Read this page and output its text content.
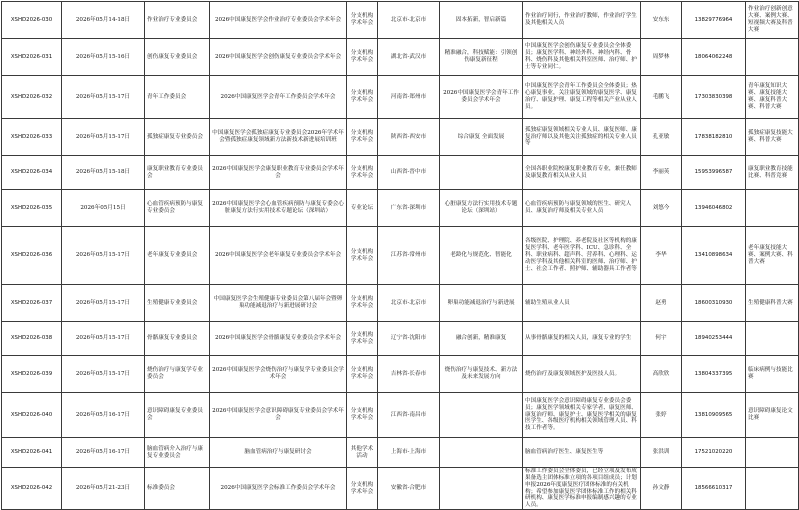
XSHD2026-030	2026年05月14-18日	作业治疗专业委员会	2026中国康复医学会作业治疗专业委员会学术年会	分支机构学术年会	北京市-北京市	固本拓新，智启新篇	作业治疗同行，作业治疗教师，作业治疗学生及其他相关人员	安东东	13829776964	作业治疗创新创意大赛、案例大赛、短视频大赛及科普大赛
XSHD2026-031	2026年05月15-16日	创伤康复专业委员会	2026中国康复医学会创伤康复专业委员会学术年会	分支机构学术年会	湖北省-武汉市	精准融合，科技赋能：引领创伤康复新征程	中国康复医学会创伤康复专业委员会全体委员；康复医学科、神经外科、神经内科、骨科、烧伤科及其他相关科室医师、治疗师、护士等专业同仁。	周梦林	18064062248	
XSHD2026-032	2026年05月15-17日	青年工作委员会	2026中国康复医学会青年工作委员会学术年会	分支机构学术年会	河南省-郑州市	2026中国康复医学会青年工作委员会学术年会	中国康复医学会青年工作委员会全体委员；热心康复事业，关注康复领域的康复医学、康复治疗、康复护理、康复工程等相关产业从业人员。	毛鹏飞	17303830398	青年康复知识大赛、康复技能大赛、康复科普大赛、科普大赛
XSHD2026-033	2026年05月15-17日	孤独症康复专业委员会	中国康复医学会孤独症康复专业委员会2026年学术年会暨孤独症康复领域新方法新技术新进展培训班	分支机构学术年会	陕西省-西安市	综合康复 全面发展	孤独症康复领域相关专业人员、康复医师、康复治疗师以及其他关注孤独症的相关专业人员等	孔亚敏	17838182810	孤独症康复技能大赛、科普大赛
XSHD2026-034	2026年05月15-18日	康复职业教育专业委员会	2026中国康复医学会康复职业教育专业委员会学术年会	分支机构学术年会	山西省-晋中市		全国各职业院校康复职业教育专业，兼任教师及康复教育相关从业人员	李丽英	15953996587	康复职业教育技能比赛、科普竞赛
XSHD2026-035	2026年05月15日	心血管疾病预防与康复专业委员会	2026中国康复医学会心血管疾病预防与康复专委会心脏康复方法行实用技术专题论坛（深圳站）	专业论坛	广东省-深圳市	心脏康复方法行实用技术专题论坛（深圳站）	心血管疾病预防与康复领域的医生、研究人员、康复治疗师及相关专业人员	刘悠今	13946046802	
XSHD2026-036	2026年05月15-17日	老年康复专业委员会	2026中国康复医学会老年康复专业委员会学术年会	分支机构学术年会	江苏省-常州市	老龄化与规范化、智能化	各级医院、护理院、养老院及社区等机构的康复医学科、老年医学科、ICU、急诊科、全科、职业病科、超声科、营养科、心理科、运动医学科及其他相关科室的医师、治疗师、护士、社会工作者、照护师、辅助器具工作者等	李华	13410898634	老年康复技能大赛、案例大赛、科普大赛
XSHD2026-037	2026年05月15-17日	生殖健康专业委员会	中国康复医学会生殖健康专业委员会第八届年会暨卵巢功能减退治疗与新进展研讨会	分支机构学术年会	北京市-北京市	卵巢功能减退治疗与新进展	辅助生殖从业人员	赵勇	18600310930	生殖健康科普大赛
XSHD2026-038	2026年05月15-17日	骨骼康复专业委员会	2026中国康复医学会骨骼康复专业委员会学术年会	分支机构学术年会	辽宁省-沈阳市	融合创新，精准康复	从事骨骼康复的相关人员，康复专业的学生	何宇	18940253444	
XSHD2026-039	2026年05月15-17日	烧伤治疗与康复学专业委员会	2026中国康复医学会烧伤治疗与康复学专业委员会学术年会	分支机构学术年会	吉林省-长春市	烧伤治疗与康复技术、新方法及未来发展方向	烧伤治疗及康复领域医护及医技人员。	高欣欣	13804337395	临床病例与技能比赛
XSHD2026-040	2026年05月16-17日	意识障碍康复专业委员会	2026中国康复医学会意识障碍康复专业委员会学术年会	分支机构学术年会	江西省-南昌市		中国康复医学会意识障碍康复专业委员会委员；康复医学领域相关专家学者、康复医师、康复治疗师、康复护士、康复医学相关的康复医学生、各级医疗机构相关领域管理人员、科技工作者等。	张婷	13810909565	意识障碍康复论文比赛
XSHD2026-041	2026年05月16-17日	脑血管病介入治疗与康复专业委员会	脑血管病治疗与康复研讨会	其他学术活动	上海市-上海市		脑血管病治疗医生、康复医生等	张洪训	17521020220	
XSHD2026-042	2026年05月21-23日	标准委员会	2026中国康复医学会标准工作委员会学术年会	分支机构学术年会	安徽省-合肥市		标准工作委员会全体委员，已经立项及发布成果备选主团体标准立项的各项目组成员；计划申报2026年度康复医疗团体标准的有关机构；希望参加康复医学团体标准工作的相关科研机构、康复医学标准申报编制感兴趣的专业人员。	孙文静	18566610317	
